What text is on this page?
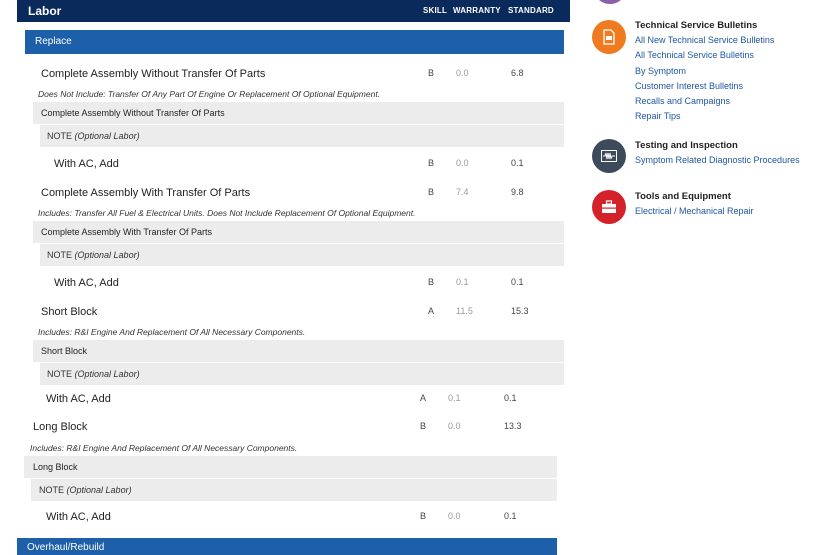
Labor	SKILL WARRANTY STANDARD
Replace
Complete Assembly Without Transfer Of Parts	B 0.0	6.8
Does Not Include: Transfer Of Any Part Of Engine Or Replacement Of Optional Equipment.
Complete Assembly Without Transfer Of Parts
NOTE (Optional Labor)
With AC, Add	B 0.0	0.1
Complete Assembly With Transfer Of Parts	B 7.4	9.8
Includes: Transfer All Fuel & Electrical Units. Does Not Include Replacement Of Optional Equipment.
Complete Assembly With Transfer Of Parts
NOTE (Optional Labor)
With AC, Add	B 0.1	0.1
Short Block	A 11.5	15.3
Includes: R&I Engine And Replacement Of All Necessary Components.
Short Block
NOTE (Optional Labor)
With AC, Add	A 0.1	0.1
Long Block	B 0.0	13.3
Includes: R&I Engine And Replacement Of All Necessary Components.
Long Block
NOTE (Optional Labor)
With AC, Add	B 0.0	0.1
Overhaul/Rebuild
Technical Service Bulletins
All New Technical Service Bulletins
All Technical Service Bulletins
By Symptom
Customer Interest Bulletins
Recalls and Campaigns
Repair Tips
Testing and Inspection
Symptom Related Diagnostic Procedures
Tools and Equipment
Electrical / Mechanical Repair
